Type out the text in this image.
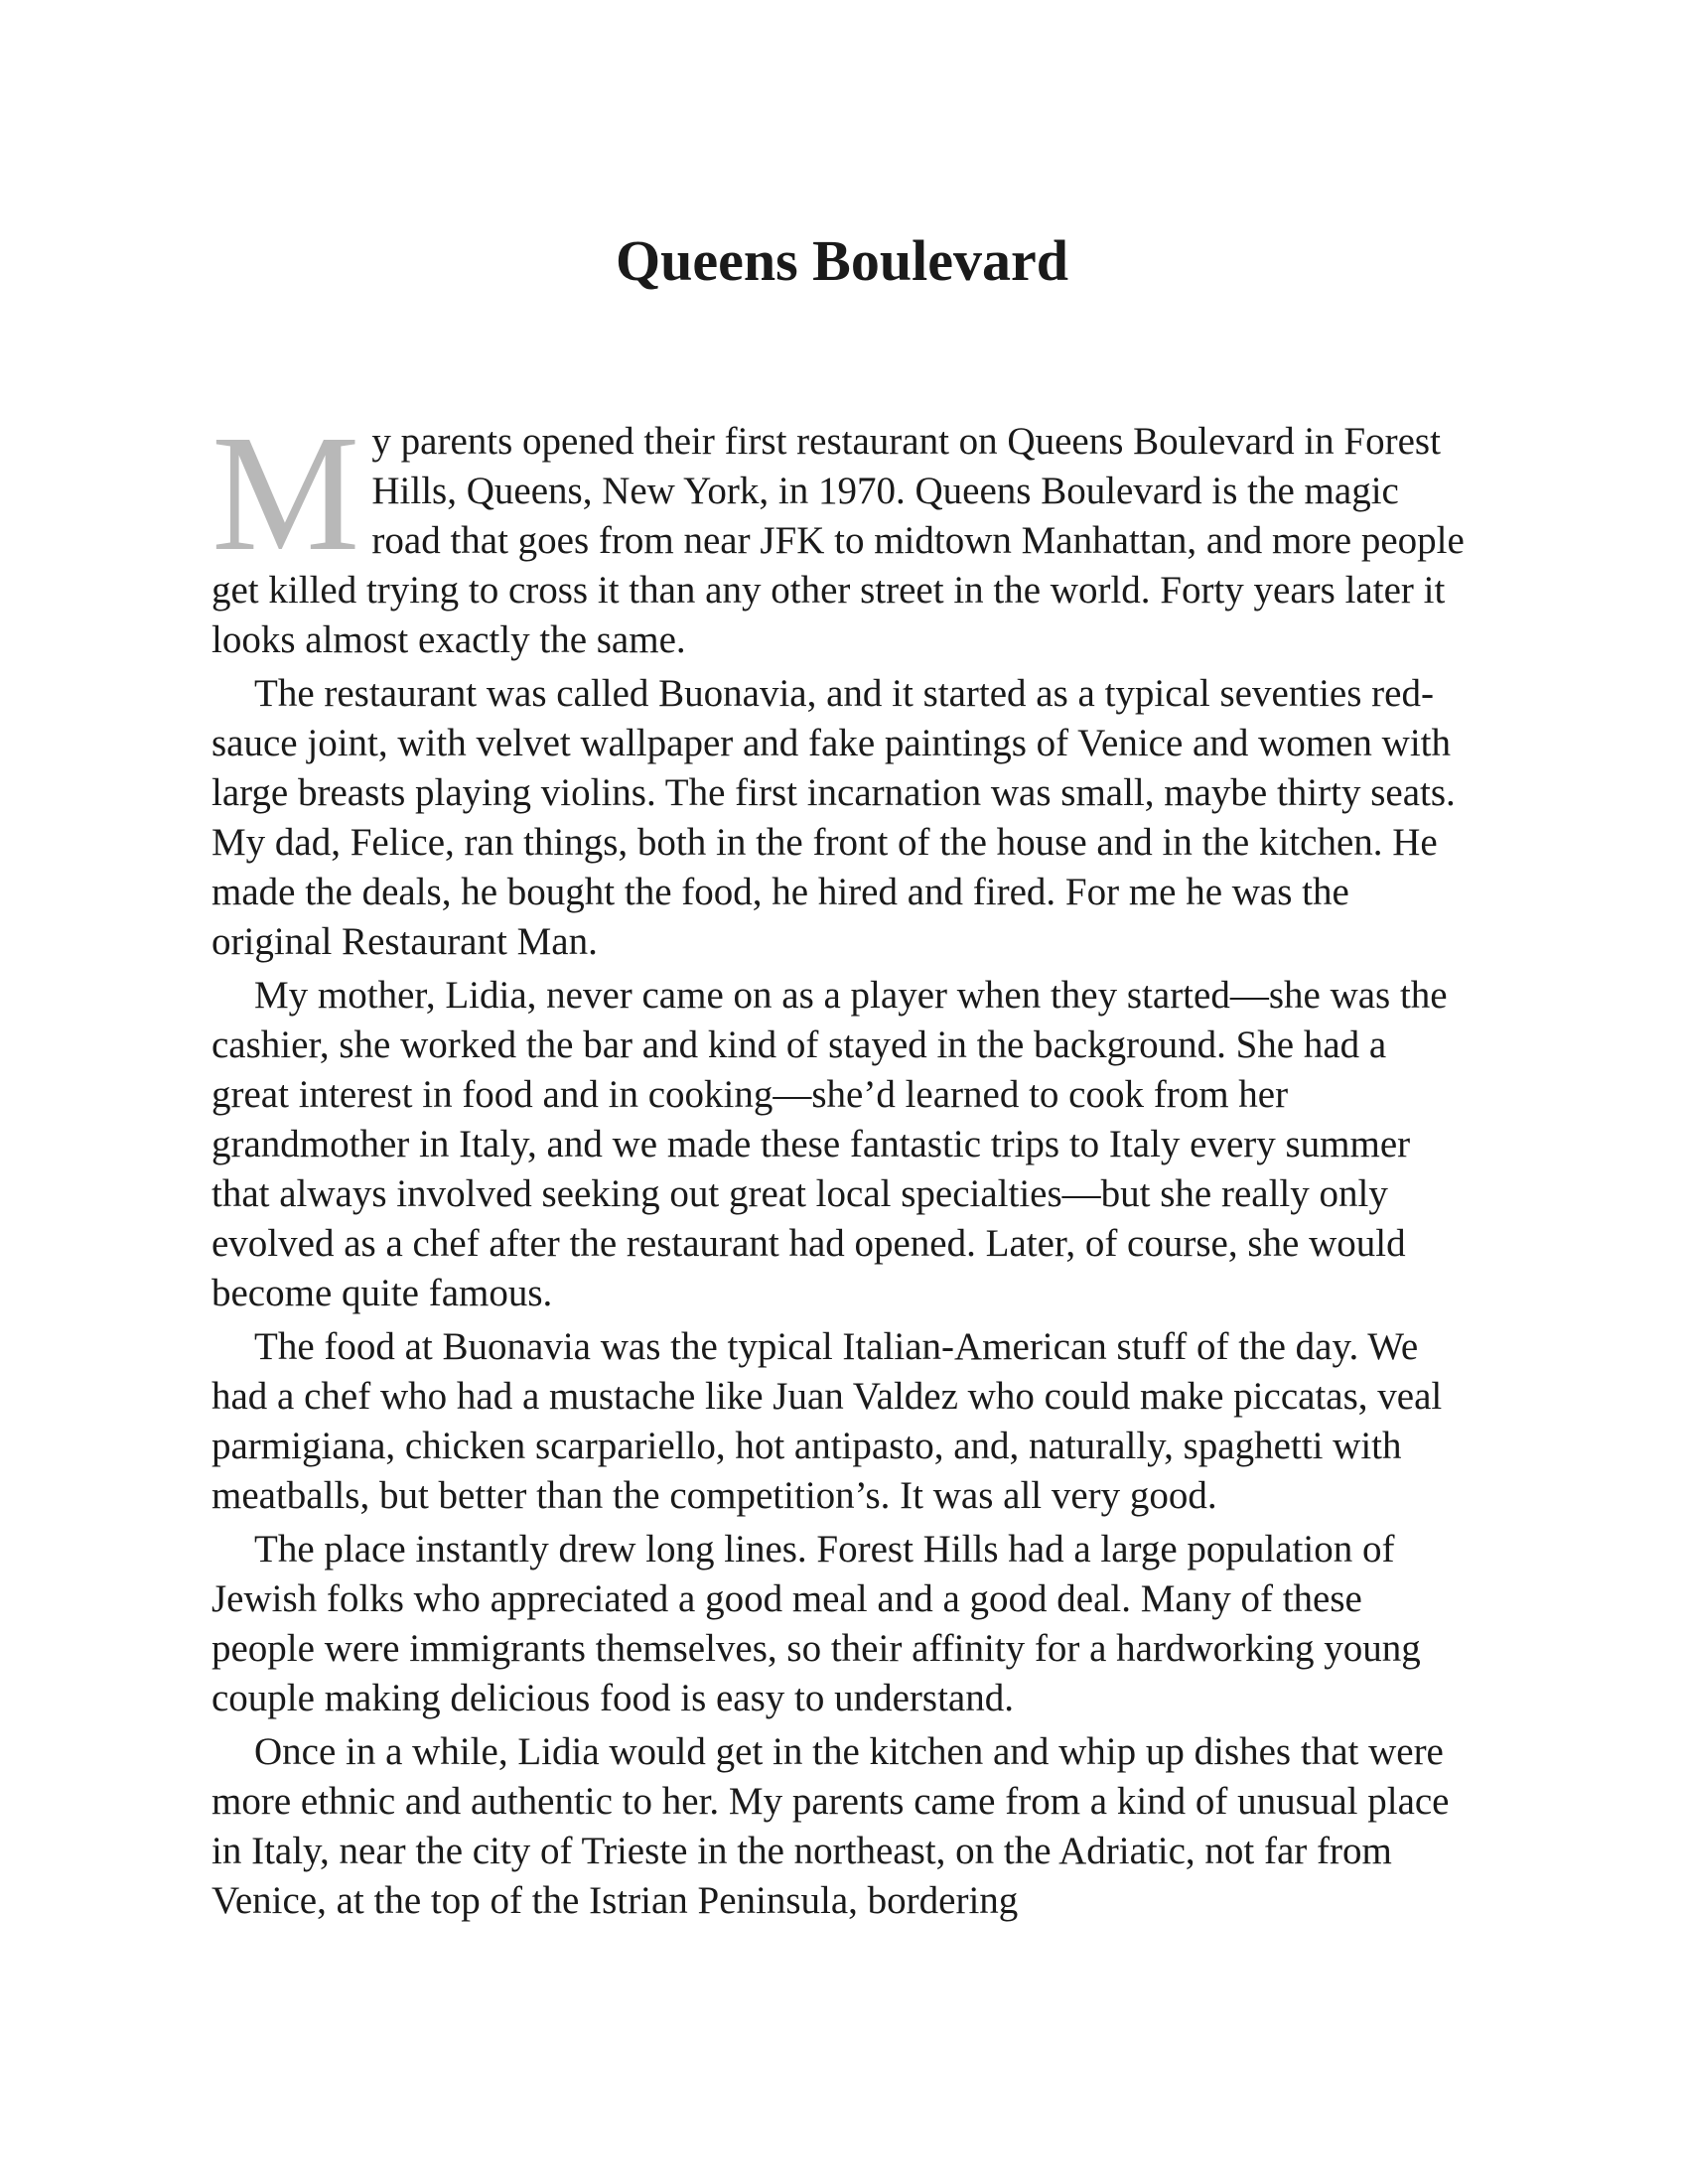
Queens Boulevard

My parents opened their first restaurant on Queens Boulevard in Forest Hills, Queens, New York, in 1970. Queens Boulevard is the magic road that goes from near JFK to midtown Manhattan, and more people get killed trying to cross it than any other street in the world. Forty years later it looks almost exactly the same.

The restaurant was called Buonavia, and it started as a typical seventies red-sauce joint, with velvet wallpaper and fake paintings of Venice and women with large breasts playing violins. The first incarnation was small, maybe thirty seats. My dad, Felice, ran things, both in the front of the house and in the kitchen. He made the deals, he bought the food, he hired and fired. For me he was the original Restaurant Man.

My mother, Lidia, never came on as a player when they started—she was the cashier, she worked the bar and kind of stayed in the background. She had a great interest in food and in cooking—she’d learned to cook from her grandmother in Italy, and we made these fantastic trips to Italy every summer that always involved seeking out great local specialties—but she really only evolved as a chef after the restaurant had opened. Later, of course, she would become quite famous.

The food at Buonavia was the typical Italian-American stuff of the day. We had a chef who had a mustache like Juan Valdez who could make piccatas, veal parmigiana, chicken scarpariello, hot antipasto, and, naturally, spaghetti with meatballs, but better than the competition’s. It was all very good.

The place instantly drew long lines. Forest Hills had a large population of Jewish folks who appreciated a good meal and a good deal. Many of these people were immigrants themselves, so their affinity for a hardworking young couple making delicious food is easy to understand.

Once in a while, Lidia would get in the kitchen and whip up dishes that were more ethnic and authentic to her. My parents came from a kind of unusual place in Italy, near the city of Trieste in the northeast, on the Adriatic, not far from Venice, at the top of the Istrian Peninsula, bordering
